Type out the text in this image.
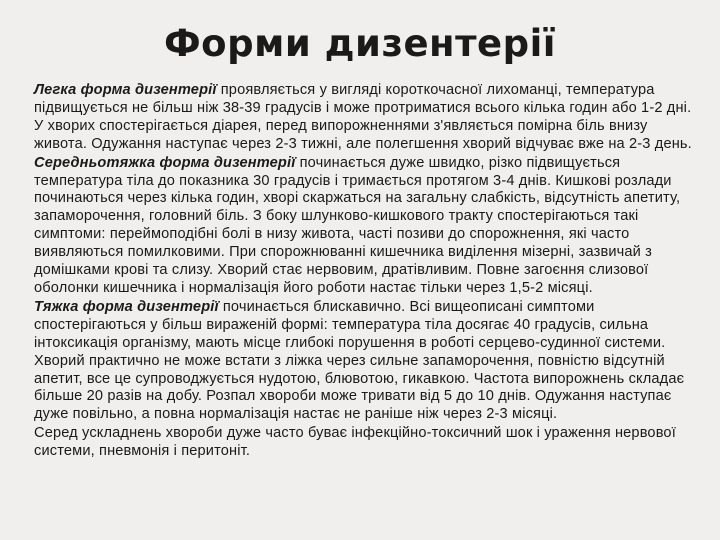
Форми дизентерії

Легка форма дизентерії проявляється у вигляді короткочасної лихоманці, температура підвищується не більш ніж 38-39 градусів і може протриматися всього кілька годин або 1-2 дні. У хворих спостерігається діарея, перед випорожненнями з'являється помірна біль внизу живота. Одужання наступає через 2-3 тижні, але полегшення хворий відчуває вже на 2-3 день.

Середньотяжка форма дизентерії починається дуже швидко, різко підвищується температура тіла до показника 30 градусів і тримається протягом 3-4 днів. Кишкові розлади починаються через кілька годин, хворі скаржаться на загальну слабкість, відсутність апетиту, запаморочення, головний біль. З боку шлунково-кишкового тракту спостерігаються такі симптоми: переймоподібні болі в низу живота, часті позиви до спорожнення, які часто виявляються помилковими. При спорожнюванні кишечника виділення мізерні, зазвичай з домішками крові та слизу. Хворий стає нервовим, дратівливим. Повне загоєння слизової оболонки кишечника і нормалізація його роботи настає тільки через 1,5-2 місяці.

Тяжка форма дизентерії починається блискавично. Всі вищеописані симптоми спостерігаються у більш вираженій формі: температура тіла досягає 40 градусів, сильна інтоксикація організму, мають місце глибокі порушення в роботі серцево-судинної системи. Хворий практично не може встати з ліжка через сильне запаморочення, повністю відсутній апетит, все це супроводжується нудотою, блювотою, гикавкою. Частота випорожнень складає більше 20 разів на добу. Розпал хвороби може тривати від 5 до 10 днів. Одужання наступає дуже повільно, а повна нормалізація настає не раніше ніж через 2-3 місяці.

Серед ускладнень хвороби дуже часто буває інфекційно-токсичний шок і ураження нервової системи, пневмонія і перитоніт.
